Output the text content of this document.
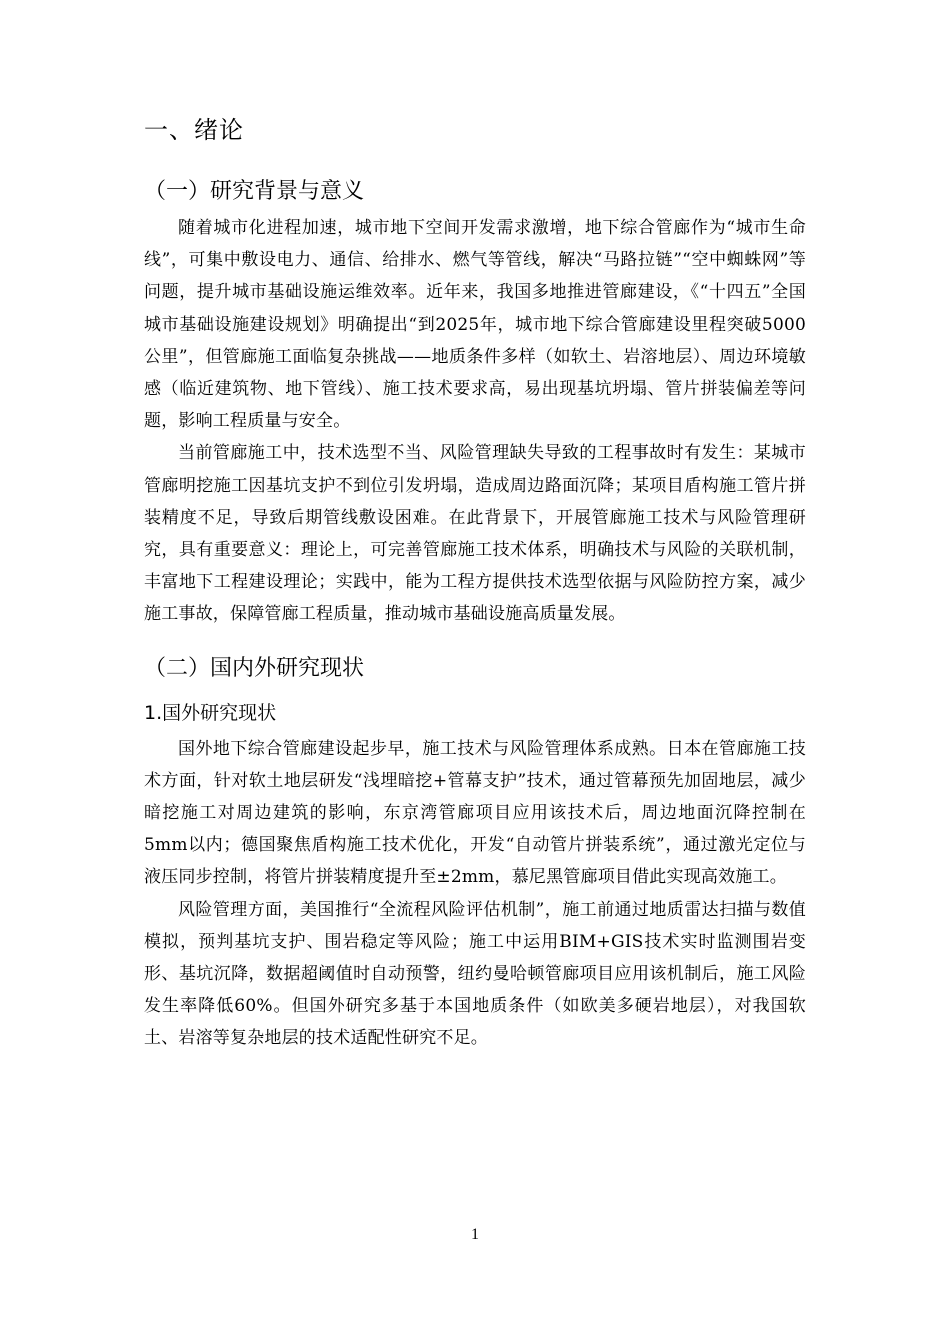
一、绪论
（一）研究背景与意义

随着城市化进程加速，城市地下空间开发需求激增，地下综合管廊作为“城市生命线”，可集中敷设电力、通信、给排水、燃气等管线，解决“马路拉链”“空中蜘蛛网”等问题，提升城市基础设施运维效率。近年来，我国多地推进管廊建设，《“十四五”全国城市基础设施建设规划》明确提出“到2025年，城市地下综合管廊建设里程突破5000公里”，但管廊施工面临复杂挑战——地质条件多样（如软土、岩溶地层）、周边环境敏感（临近建筑物、地下管线）、施工技术要求高，易出现基坑坍塌、管片拼装偏差等问题，影响工程质量与安全。

当前管廊施工中，技术选型不当、风险管理缺失导致的工程事故时有发生：某城市管廊明挖施工因基坑支护不到位引发坍塌，造成周边路面沉降；某项目盾构施工管片拼装精度不足，导致后期管线敷设困难。在此背景下，开展管廊施工技术与风险管理研究，具有重要意义：理论上，可完善管廊施工技术体系，明确技术与风险的关联机制，丰富地下工程建设理论；实践中，能为工程方提供技术选型依据与风险防控方案，减少施工事故，保障管廊工程质量，推动城市基础设施高质量发展。

（二）国内外研究现状
1.国外研究现状

国外地下综合管廊建设起步早，施工技术与风险管理体系成熟。日本在管廊施工技术方面，针对软土地层研发“浅埋暗挖+管幕支护”技术，通过管幕预先加固地层，减少暗挖施工对周边建筑的影响，东京湾管廊项目应用该技术后，周边地面沉降控制在5mm以内；德国聚焦盾构施工技术优化，开发“自动管片拼装系统”，通过激光定位与液压同步控制，将管片拼装精度提升至±2mm，慕尼黑管廊项目借此实现高效施工。

风险管理方面，美国推行“全流程风险评估机制”，施工前通过地质雷达扫描与数值模拟，预判基坑支护、围岩稳定等风险；施工中运用BIM+GIS技术实时监测围岩变形、基坑沉降，数据超阈值时自动预警，纽约曼哈顿管廊项目应用该机制后，施工风险发生率降低60%。但国外研究多基于本国地质条件（如欧美多硬岩地层），对我国软土、岩溶等复杂地层的技术适配性研究不足。

1
